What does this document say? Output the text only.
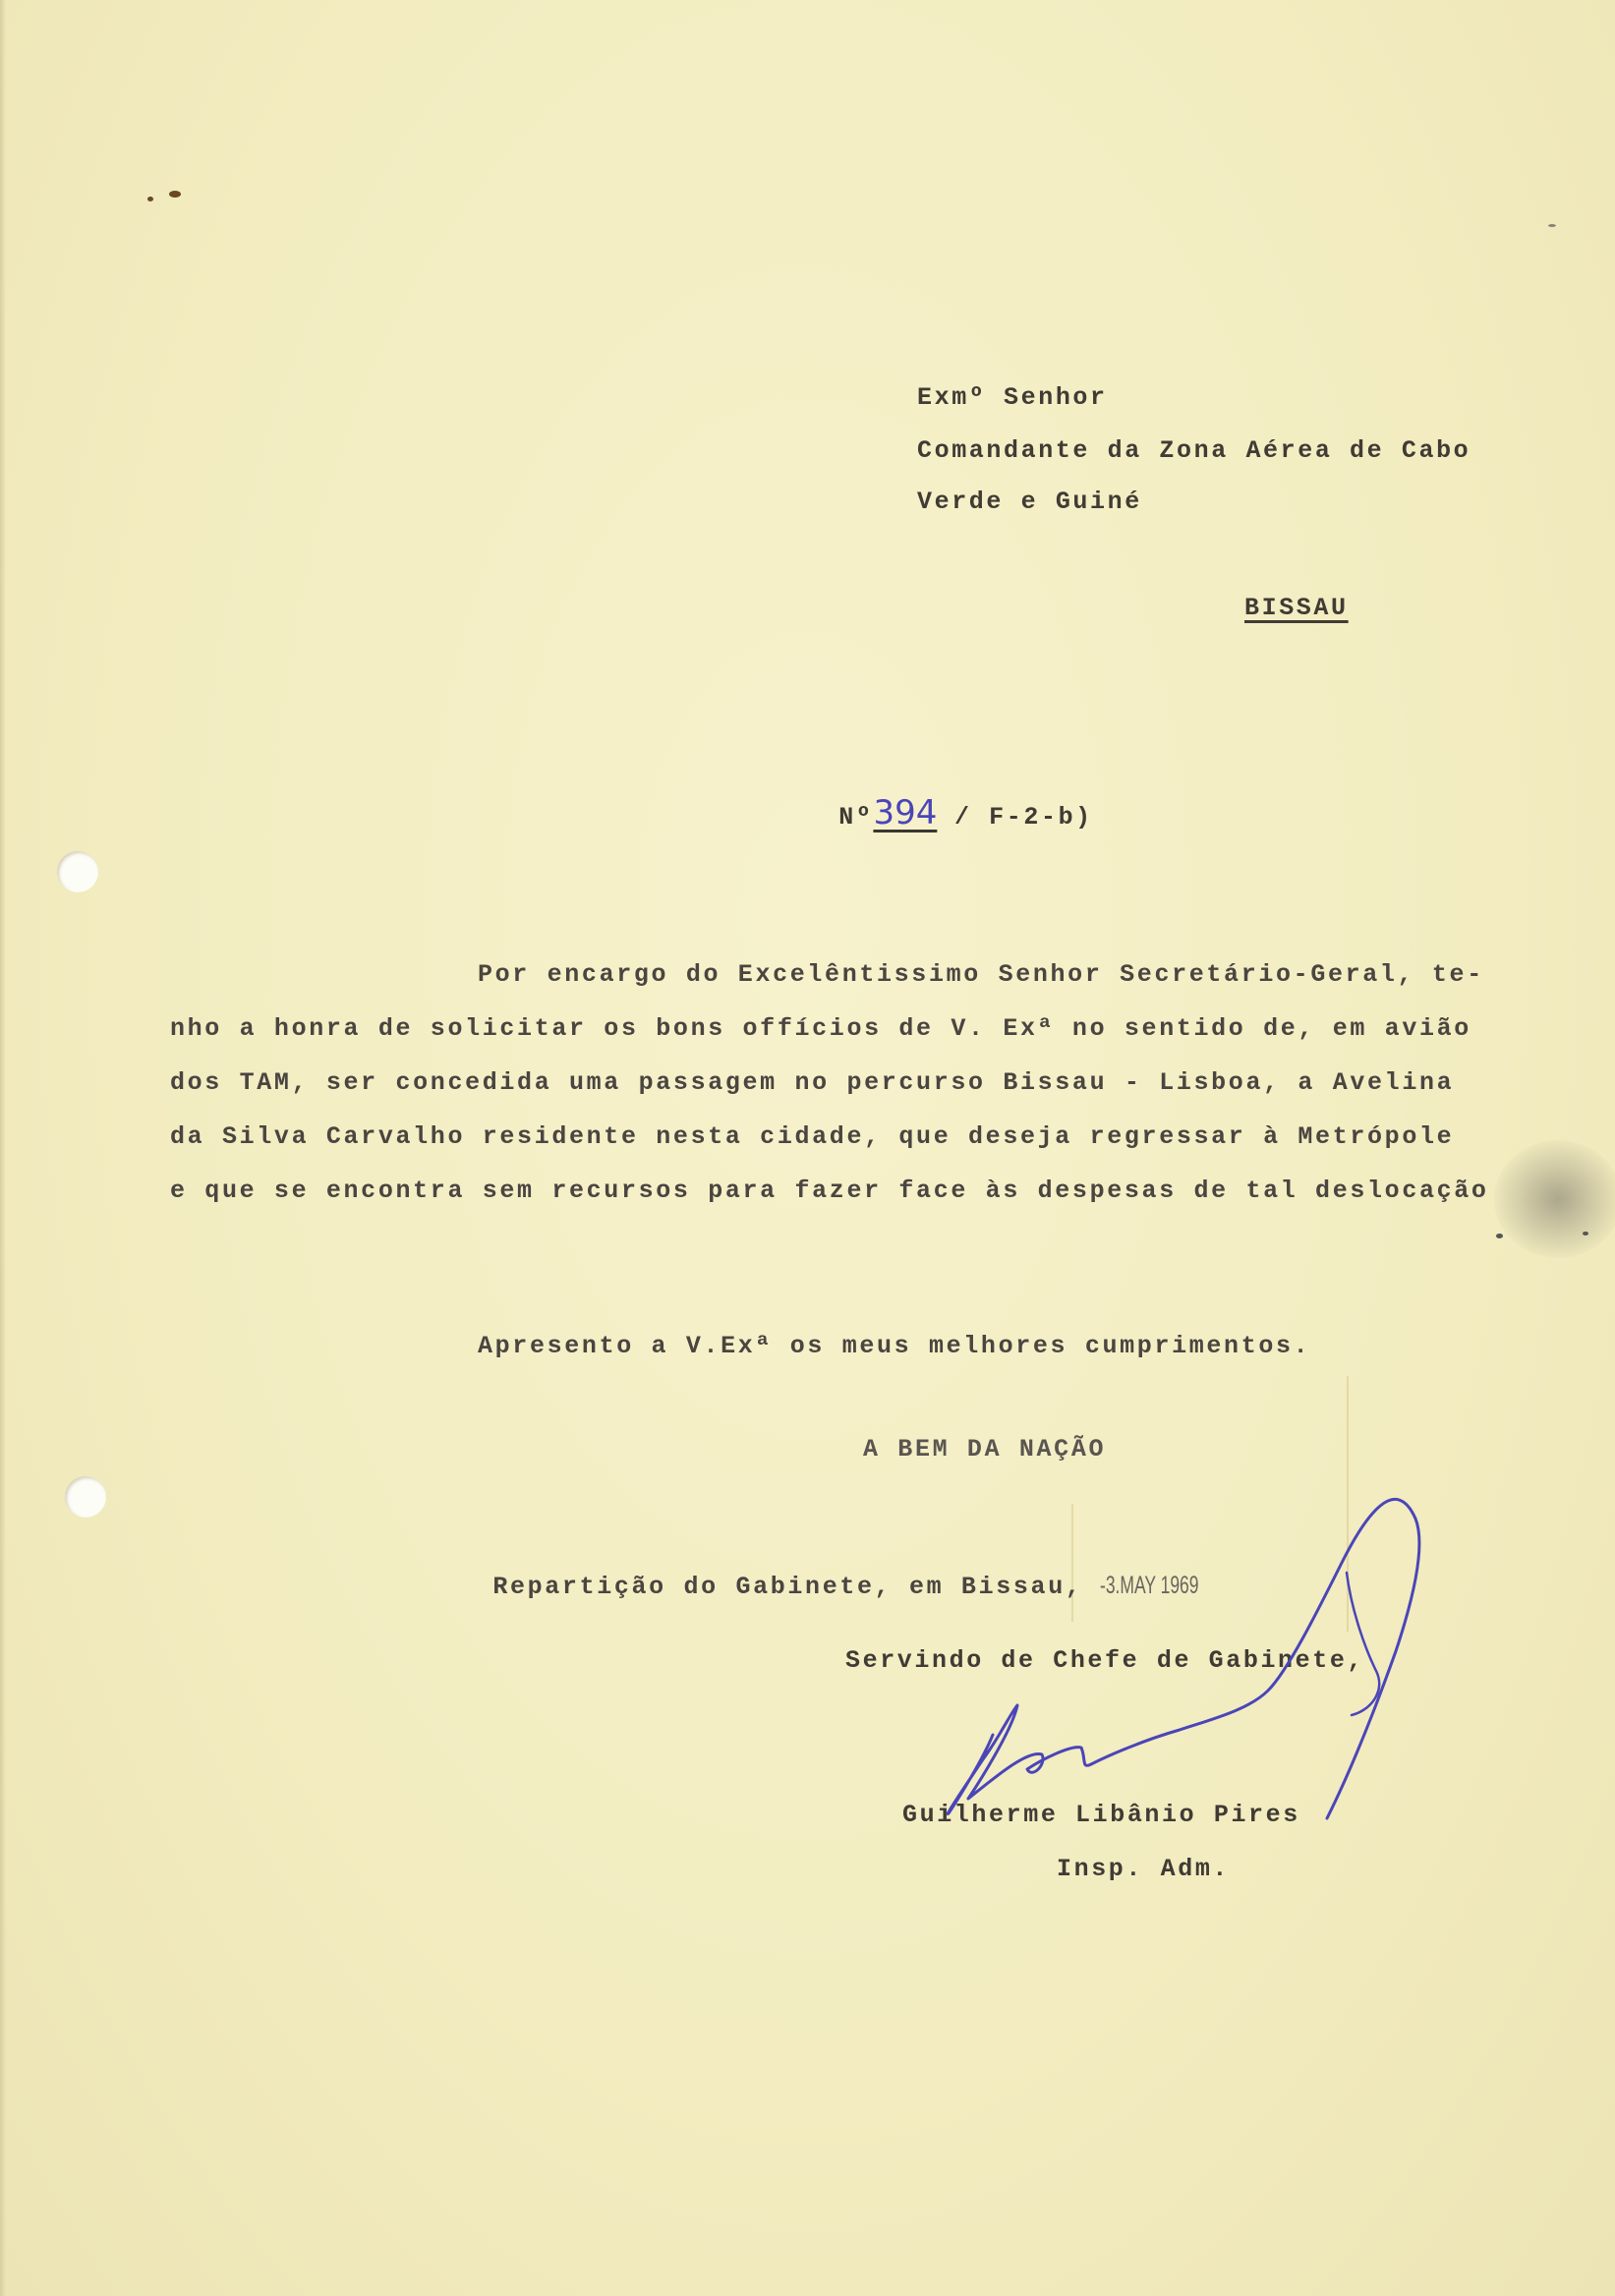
Exmº Senhor
Comandante da Zona Aérea de Cabo
Verde e Guiné
BISSAU

Nº394 / F-2-b)

Por encargo do Excelêntissimo Senhor Secretário-Geral, te-
nho a honra de solicitar os bons offícios de V. Exª no sentido de, em avião
dos TAM, ser concedida uma passagem no percurso Bissau - Lisboa, a Avelina
da Silva Carvalho residente nesta cidade, que deseja regressar à Metrópole
e que se encontra sem recursos para fazer face às despesas de tal deslocação
Apresento a V.Exª os meus melhores cumprimentos.
A BEM DA NAÇÃO

Repartição do Gabinete, em Bissau, -3.MAY 1969

Servindo de Chefe de Gabinete,
Guilherme Libânio Pires
Insp. Adm.
